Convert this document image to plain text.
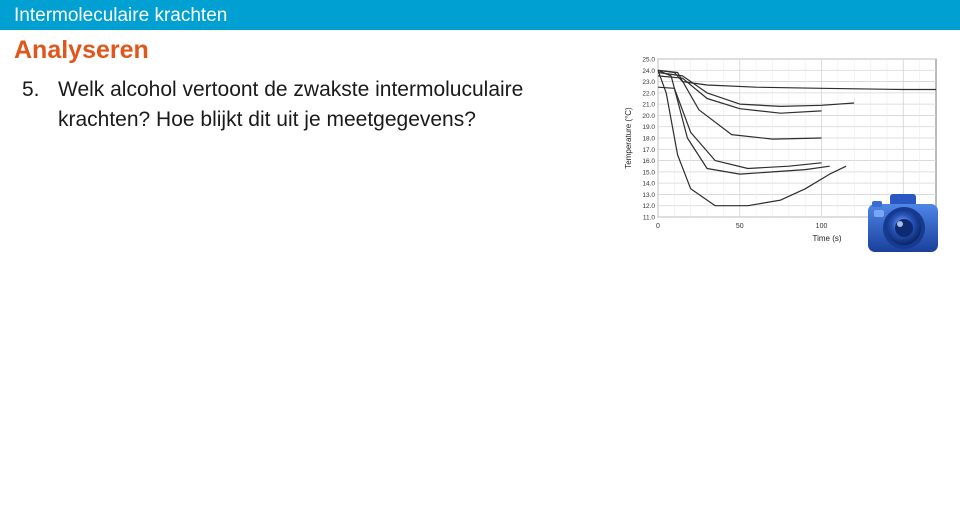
Intermoleculaire krachten
Analyseren
5. Welk alcohol vertoont de zwakste intermoluculaire krachten? Hoe blijkt dit uit je meetgegevens?
25.0
24.0
23.0
22.0
21.0
20.0
19.0
18.0
17.0
16.0
15.0
14.0
13.0
12.0
11.0
0	50	100
Time (s)
Temperature (°C)
